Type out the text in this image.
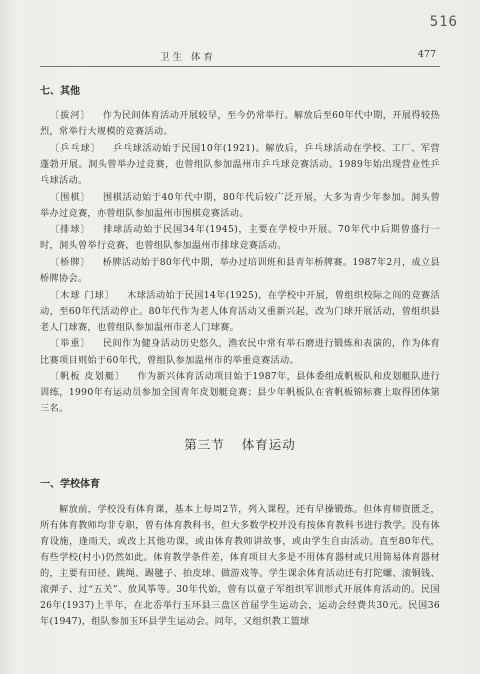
516
卫生 体育	477
七、其他

〔拔河〕 作为民间体育活动开展较早，至今仍常举行。解放后至60年代中期，开展得较热烈，常举行大规模的竞赛活动。

〔乒乓球〕 乒乓球活动始于民国10年(1921)。解放后，乒乓球活动在学校、工厂、军营蓬勃开展。洞头曾举办过竞赛，也曾组队参加温州市乒乓球竞赛活动。1989年始出现营业性乒乓球活动。

〔围棋〕 围棋活动始于40年代中期，80年代后较广泛开展，大多为青少年参加。洞头曾举办过竞赛，亦曾组队参加温州市围棋竞赛活动。

〔排球〕 排球活动始于民国34年(1945)，主要在学校中开展。70年代中后期曾盛行一时，洞头曾举行竞赛，也曾组队参加温州市排球竞赛活动。

〔桥牌〕 桥牌活动始于80年代中期，举办过培训班和县青年桥牌赛。1987年2月，成立县桥牌协会。

〔木球 门球〕 木球活动始于民国14年(1925)，在学校中开展，曾组织校际之间的竞赛活动，至60年代活动停止。80年代作为老人体育活动又重新兴起，改为门球开展活动，曾组织县老人门球赛，也曾组队参加温州市老人门球赛。

〔举重〕 民间作为健身活动历史悠久，渔农民中常有举石磨进行锻炼和表演的，作为体育比赛项目则始于60年代，曾组队参加温州市的举重竞赛活动。

〔帆板 皮划艇〕 作为新兴体育活动项目始于1987年，县体委组成帆板队和皮划艇队进行训练，1990年有运动员参加全国青年皮划艇竞赛；县少年帆板队在省帆板锦标赛上取得团体第三名。

第三节 体育运动
一、学校体育

解放前，学校没有体育课，基本上每周2节，列入课程，还有早操锻炼。但体育师资匮乏，所有体育教师均非专职，曾有体育教科书，但大多数学校并没有按体育教科书进行教学。没有体育设施，逢雨天，或改上其他功课，或由体育教师讲故事，或由学生自由活动。直至80年代，有些学校(村小)仍然如此。体育教学条件差，体育项目大多是不用体育器材或只用简易体育器材的，主要有田径、跳绳、踢毽子、拍皮球、做游戏等。学生课余体育活动还有打陀螺、滚铜钱、滚弹子、过“五关”、放风筝等。30年代始，曾有以童子军组织军训形式开展体育活动的。民国26年(1937)上半年，在北岙举行玉环县三盘区首届学生运动会，运动会经费共30元。民国36年(1947)，组队参加玉环县学生运动会。同年，又组织教工篮球
